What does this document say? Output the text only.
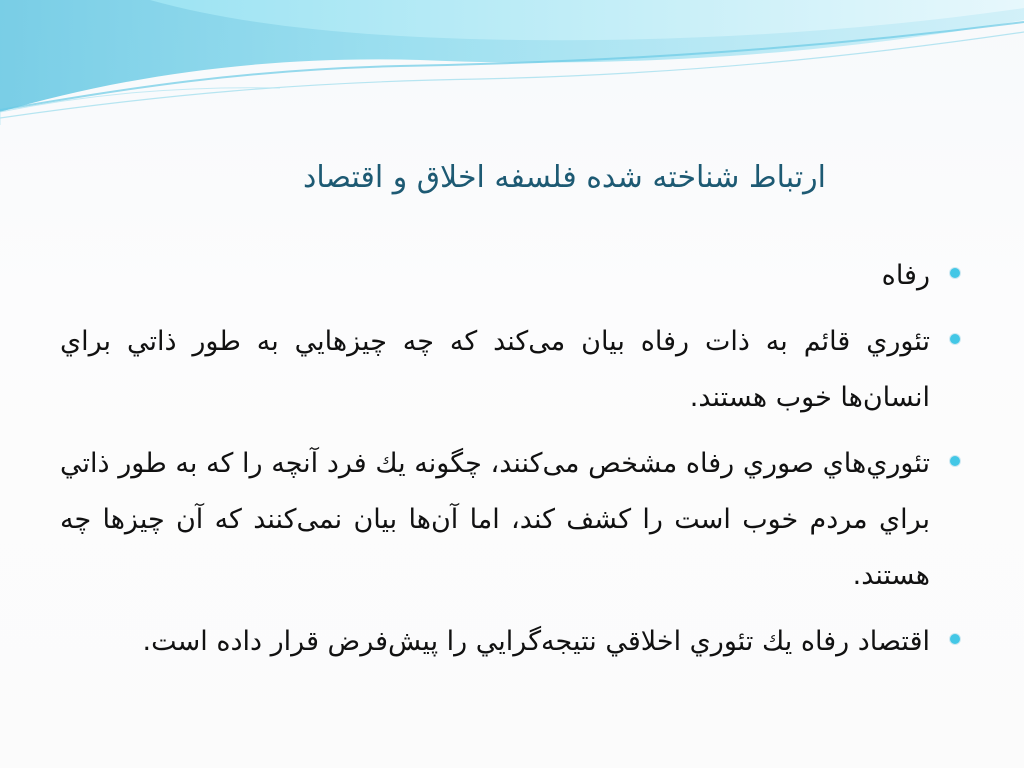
ارتباط شناخته شده فلسفه اخلاق و اقتصاد
رفاه
تئوري قائم به ذات رفاه بيان می‌کند که چه چيزهايي به طور ذاتي براي انسان‌ها خوب هستند.
تئوري‌هاي صوري رفاه مشخص می‌کنند، چگونه يك فرد آنچه را که به طور ذاتي براي مردم خوب است را کشف کند، اما آن‌ها بيان نمی‌کنند که آن چيزها چه هستند.
اقتصاد رفاه يك تئوري اخلاقي نتيجه‌گرايي را پيش‌فرض قرار داده است.
